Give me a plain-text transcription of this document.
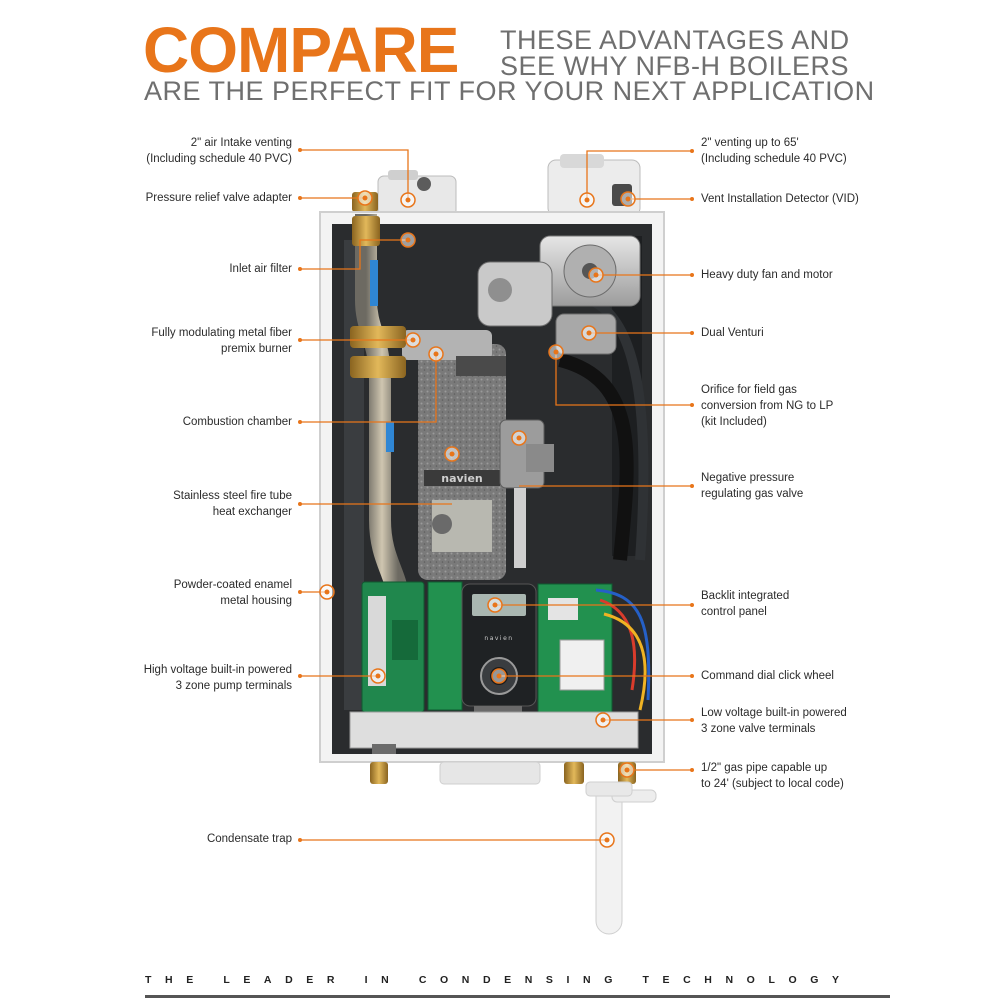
COMPARE THESE ADVANTAGES AND
SEE WHY NFB-H BOILERS
ARE THE PERFECT FIT FOR YOUR NEXT APPLICATION
navien
navien
2" air Intake venting
(Including schedule 40 PVC)
Pressure relief valve adapter
Inlet air filter
Fully modulating metal fiber
premix burner
Combustion chamber
Stainless steel fire tube
heat exchanger
Powder-coated enamel
metal housing
High voltage built-in powered
3 zone pump terminals
Condensate trap
2" venting up to 65'
(Including schedule 40 PVC)
Vent Installation Detector (VID)
Heavy duty fan and motor
Dual Venturi
Orifice for field gas
conversion from NG to LP
(kit Included)
Negative pressure
regulating gas valve
Backlit integrated
control panel
Command dial click wheel
Low voltage built-in powered
3 zone valve terminals
1/2" gas pipe capable up
to 24' (subject to local code)
THE LEADER IN CONDENSING TECHNOLOGY
